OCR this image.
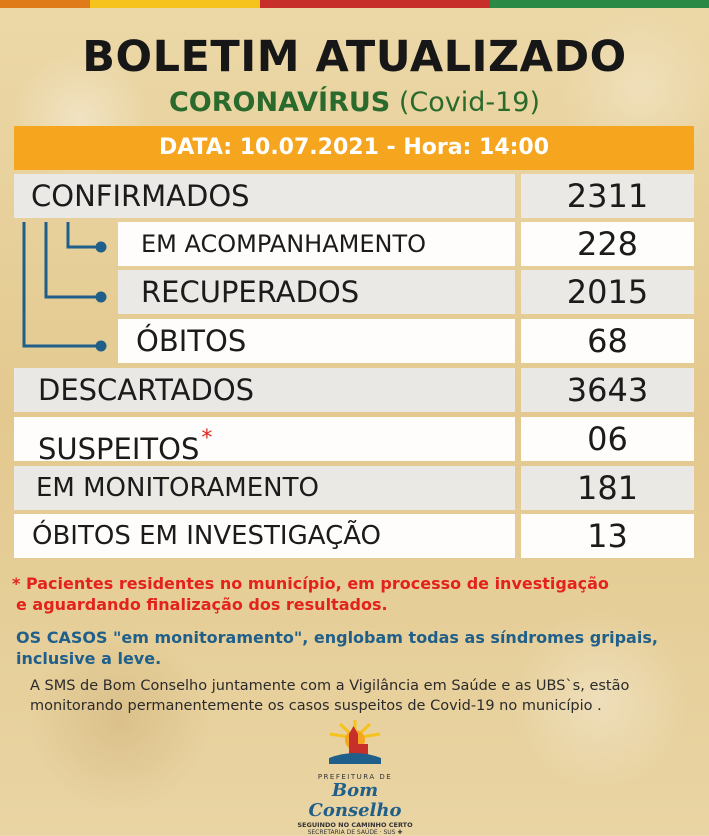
BOLETIM ATUALIZADO
CORONAVÍRUS (Covid-19)
DATA: 10.07.2021 - Hora: 14:00
CONFIRMADOS	2311
EM ACOMPANHAMENTO	228
RECUPERADOS	2015
ÓBITOS	68
DESCARTADOS	3643
SUSPEITOS*	06
EM MONITORAMENTO	181
ÓBITOS EM INVESTIGAÇÃO	13
* Pacientes residentes no município, em processo de investigação
e aguardando finalização dos resultados.
OS CASOS "em monitoramento", englobam todas as síndromes gripais,
inclusive a leve.
A SMS de Bom Conselho juntamente com a Vigilância em Saúde e as UBS`s, estão
monitorando permanentemente os casos suspeitos de Covid-19 no município .
PREFEITURA DE
Bom Conselho
SEGUINDO NO CAMINHO CERTO
SECRETARIA DE SAÚDE · SUS ✚
